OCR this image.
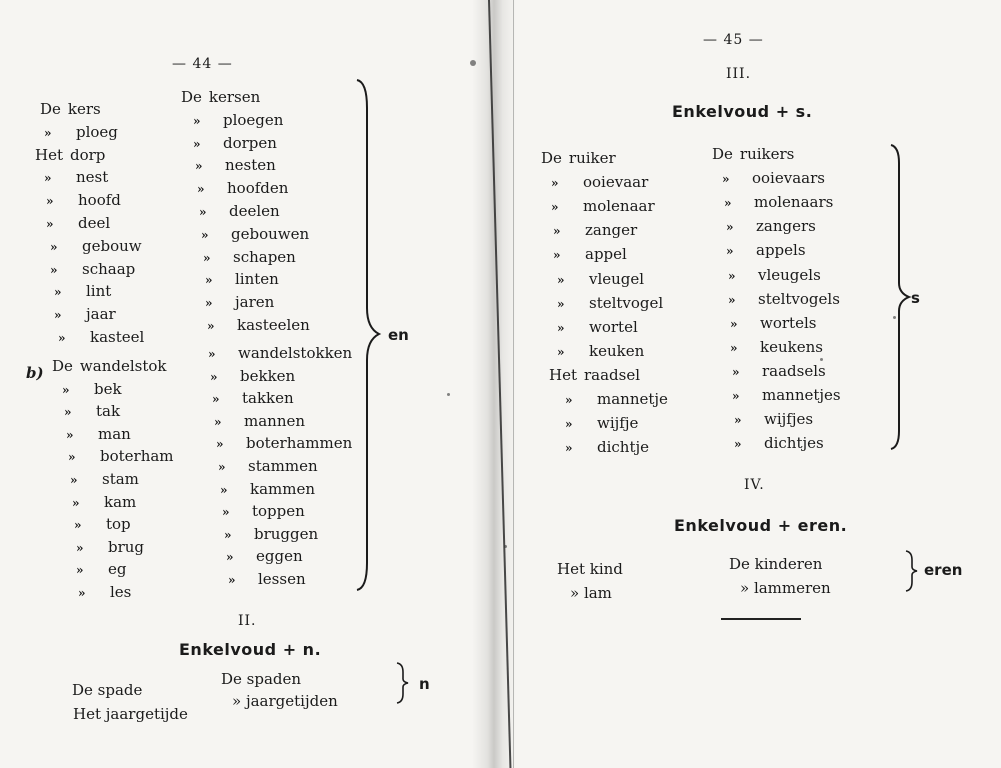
— 44 —
De kers
» ploeg
Het dorp
» nest
» hoofd
» deel
» gebouw
» schaap
» lint
» jaar
» kasteel
De kersen
» ploegen
» dorpen
» nesten
» hoofden
» deelen
» gebouwen
» schapen
» linten
» jaren
» kasteelen
b) De wandelstok
» bek
» tak
» man
» boterham
» stam
» kam
» top
» brug
» eg
» les
» wandelstokken
» bekken
» takken
» mannen
» boterhammen
» stammen
» kammen
» toppen
» bruggen
» eggen
» lessen
en
II.
Enkelvoud + n.
De spade
Het jaargetijde
De spaden
» jaargetijden
n
— 45 —
III.
Enkelvoud + s.
De ruiker
» ooievaar
» molenaar
» zanger
» appel
» vleugel
» steltvogel
» wortel
» keuken
Het raadsel
» mannetje
» wijfje
» dichtje
De ruikers
» ooievaars
» molenaars
» zangers
» appels
» vleugels
» steltvogels
» wortels
» keukens
» raadsels
» mannetjes
» wijfjes
» dichtjes
s
IV.
Enkelvoud + eren.
Het kind
» lam
De kinderen
» lammeren
eren
